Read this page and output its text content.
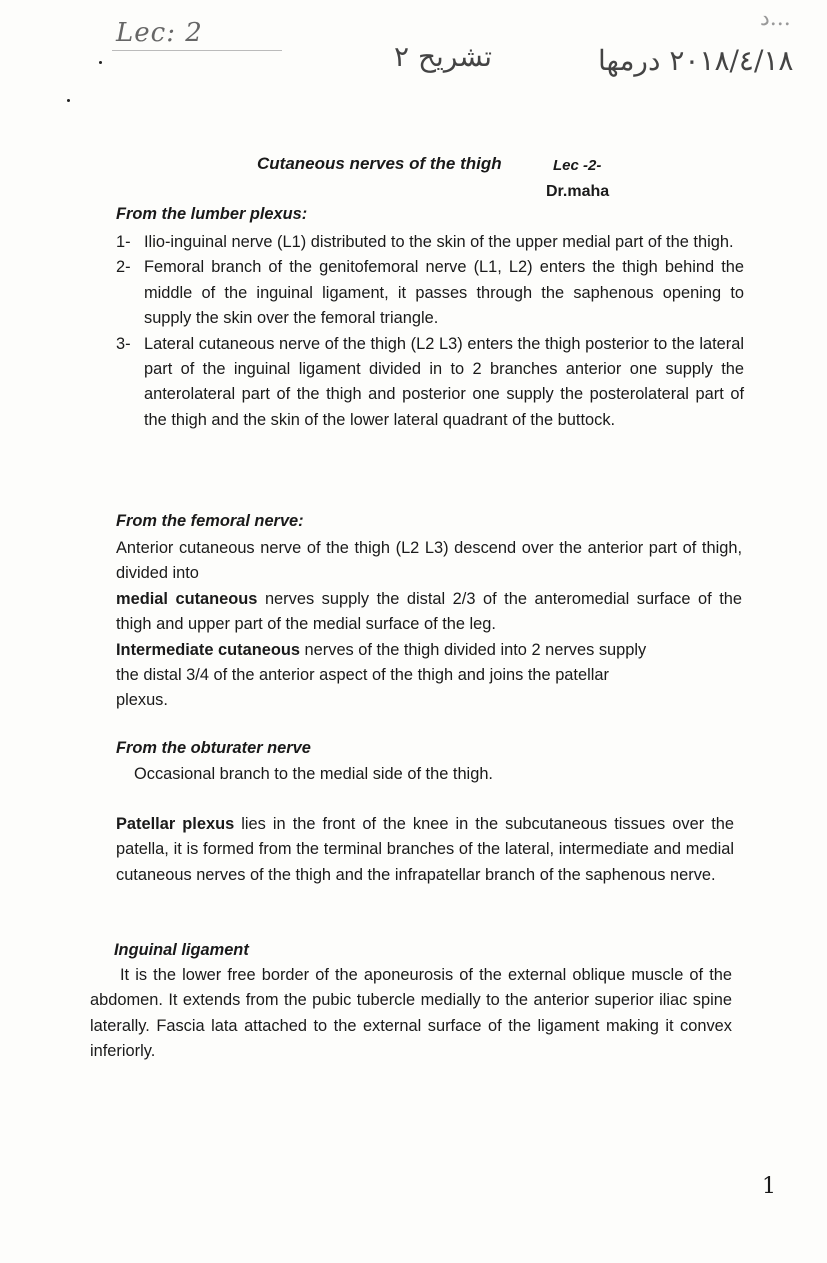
Lec: 2
تشريح ٢	٢٠١٨/٤/١٨ درمها
د...
Cutaneous nerves of the thigh	Lec -2-
Dr.maha
From the lumber plexus:
1- Ilio-inguinal nerve (L1) distributed to the skin of the upper medial part of the thigh.
2- Femoral branch of the genitofemoral nerve (L1, L2) enters the thigh behind the middle of the inguinal ligament, it passes through the saphenous opening to supply the skin over the femoral triangle.
3- Lateral cutaneous nerve of the thigh (L2 L3) enters the thigh posterior to the lateral part of the inguinal ligament divided in to 2 branches anterior one supply the anterolateral part of the thigh and posterior one supply the posterolateral part of the thigh and the skin of the lower lateral quadrant of the buttock.
From the femoral nerve:
Anterior cutaneous nerve of the thigh (L2 L3) descend over the anterior part of thigh, divided into
medial cutaneous nerves supply the distal 2/3 of the anteromedial surface of the thigh and upper part of the medial surface of the leg.
Intermediate cutaneous nerves of the thigh divided into 2 nerves supply
the distal 3/4 of the anterior aspect of the thigh and joins the patellar
plexus.
From the obturater nerve
Occasional branch to the medial side of the thigh.
Patellar plexus lies in the front of the knee in the subcutaneous tissues over the patella, it is formed from the terminal branches of the lateral, intermediate and medial cutaneous nerves of the thigh and the infrapatellar branch of the saphenous nerve.
Inguinal ligament
It is the lower free border of the aponeurosis of the external oblique muscle of the abdomen. It extends from the pubic tubercle medially to the anterior superior iliac spine laterally. Fascia lata attached to the external surface of the ligament making it convex inferiorly.
1
